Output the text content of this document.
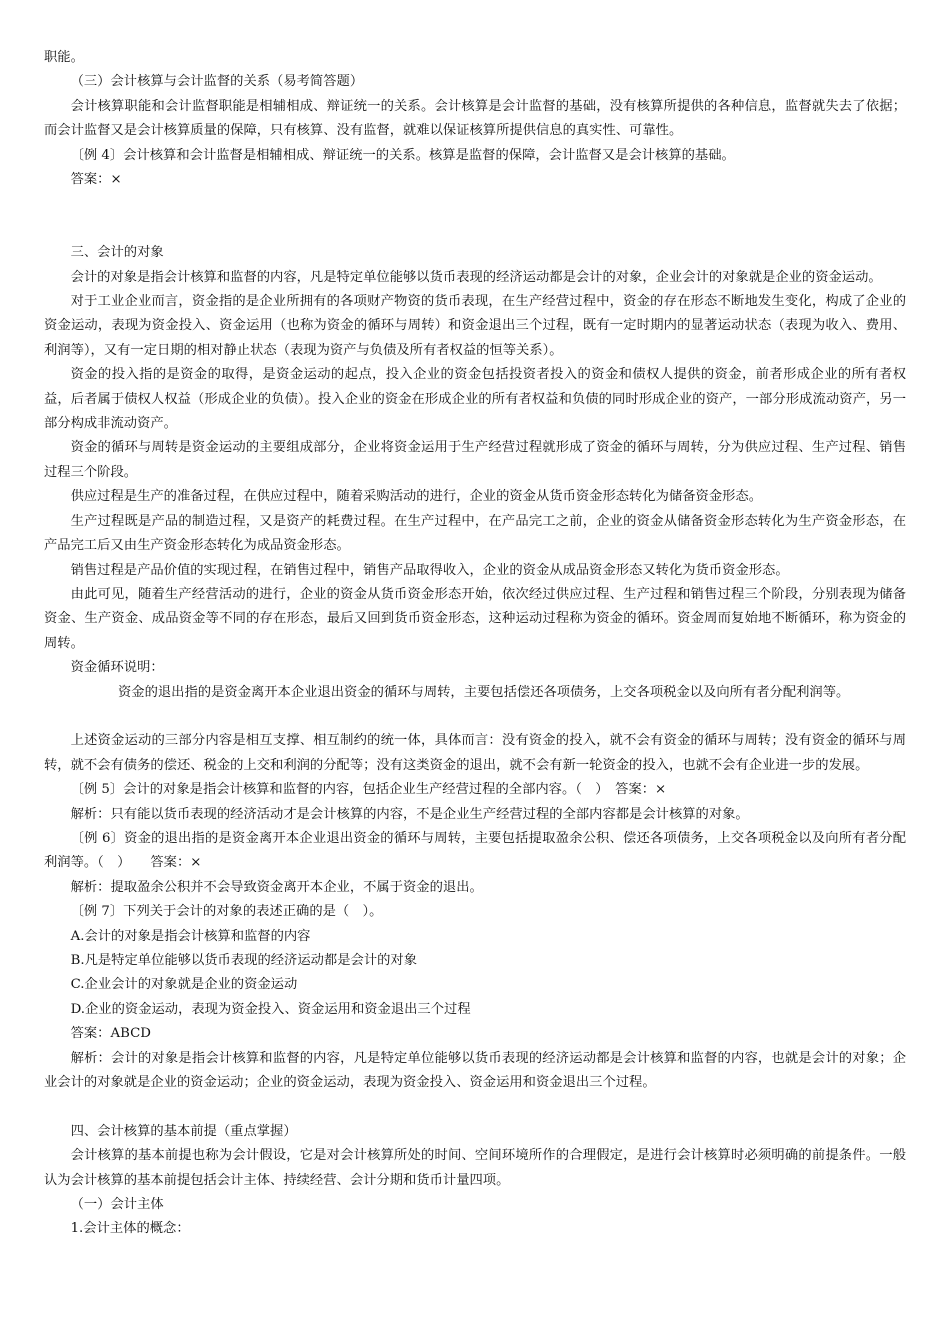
职能。

（三）会计核算与会计监督的关系（易考简答题）

会计核算职能和会计监督职能是相辅相成、辩证统一的关系。会计核算是会计监督的基础，没有核算所提供的各种信息，监督就失去了依据；而会计监督又是会计核算质量的保障，只有核算、没有监督，就难以保证核算所提供信息的真实性、可靠性。

〔例 4〕会计核算和会计监督是相辅相成、辩证统一的关系。核算是监督的保障，会计监督又是会计核算的基础。

答案：×

三、会计的对象

会计的对象是指会计核算和监督的内容，凡是特定单位能够以货币表现的经济运动都是会计的对象，企业会计的对象就是企业的资金运动。

对于工业企业而言，资金指的是企业所拥有的各项财产物资的货币表现，在生产经营过程中，资金的存在形态不断地发生变化，构成了企业的资金运动，表现为资金投入、资金运用（也称为资金的循环与周转）和资金退出三个过程，既有一定时期内的显著运动状态（表现为收入、费用、利润等），又有一定日期的相对静止状态（表现为资产与负债及所有者权益的恒等关系）。

资金的投入指的是资金的取得，是资金运动的起点，投入企业的资金包括投资者投入的资金和债权人提供的资金，前者形成企业的所有者权益，后者属于债权人权益（形成企业的负债）。投入企业的资金在形成企业的所有者权益和负债的同时形成企业的资产，一部分形成流动资产，另一部分构成非流动资产。

资金的循环与周转是资金运动的主要组成部分，企业将资金运用于生产经营过程就形成了资金的循环与周转，分为供应过程、生产过程、销售过程三个阶段。

供应过程是生产的准备过程，在供应过程中，随着采购活动的进行，企业的资金从货币资金形态转化为储备资金形态。

生产过程既是产品的制造过程，又是资产的耗费过程。在生产过程中，在产品完工之前，企业的资金从储备资金形态转化为生产资金形态，在产品完工后又由生产资金形态转化为成品资金形态。

销售过程是产品价值的实现过程，在销售过程中，销售产品取得收入，企业的资金从成品资金形态又转化为货币资金形态。

由此可见，随着生产经营活动的进行，企业的资金从货币资金形态开始，依次经过供应过程、生产过程和销售过程三个阶段，分别表现为储备资金、生产资金、成品资金等不同的存在形态，最后又回到货币资金形态，这种运动过程称为资金的循环。资金周而复始地不断循环，称为资金的周转。

资金循环说明：

资金的退出指的是资金离开本企业退出资金的循环与周转，主要包括偿还各项债务，上交各项税金以及向所有者分配利润等。

上述资金运动的三部分内容是相互支撑、相互制约的统一体，具体而言：没有资金的投入，就不会有资金的循环与周转；没有资金的循环与周转，就不会有债务的偿还、税金的上交和利润的分配等；没有这类资金的退出，就不会有新一轮资金的投入，也就不会有企业进一步的发展。

〔例 5〕会计的对象是指会计核算和监督的内容，包括企业生产经营过程的全部内容。（　）　答案：×

解析：只有能以货币表现的经济活动才是会计核算的内容，不是企业生产经营过程的全部内容都是会计核算的对象。

〔例 6〕资金的退出指的是资金离开本企业退出资金的循环与周转，主要包括提取盈余公积、偿还各项债务，上交各项税金以及向所有者分配利润等。（　）　　答案：×

解析：提取盈余公积并不会导致资金离开本企业，不属于资金的退出。

〔例 7〕下列关于会计的对象的表述正确的是（　）。

A.会计的对象是指会计核算和监督的内容

B.凡是特定单位能够以货币表现的经济运动都是会计的对象

C.企业会计的对象就是企业的资金运动

D.企业的资金运动，表现为资金投入、资金运用和资金退出三个过程

答案：ABCD

解析：会计的对象是指会计核算和监督的内容，凡是特定单位能够以货币表现的经济运动都是会计核算和监督的内容，也就是会计的对象；企业会计的对象就是企业的资金运动；企业的资金运动，表现为资金投入、资金运用和资金退出三个过程。

四、会计核算的基本前提（重点掌握）

会计核算的基本前提也称为会计假设，它是对会计核算所处的时间、空间环境所作的合理假定，是进行会计核算时必须明确的前提条件。一般认为会计核算的基本前提包括会计主体、持续经营、会计分期和货币计量四项。

（一）会计主体

1.会计主体的概念：
